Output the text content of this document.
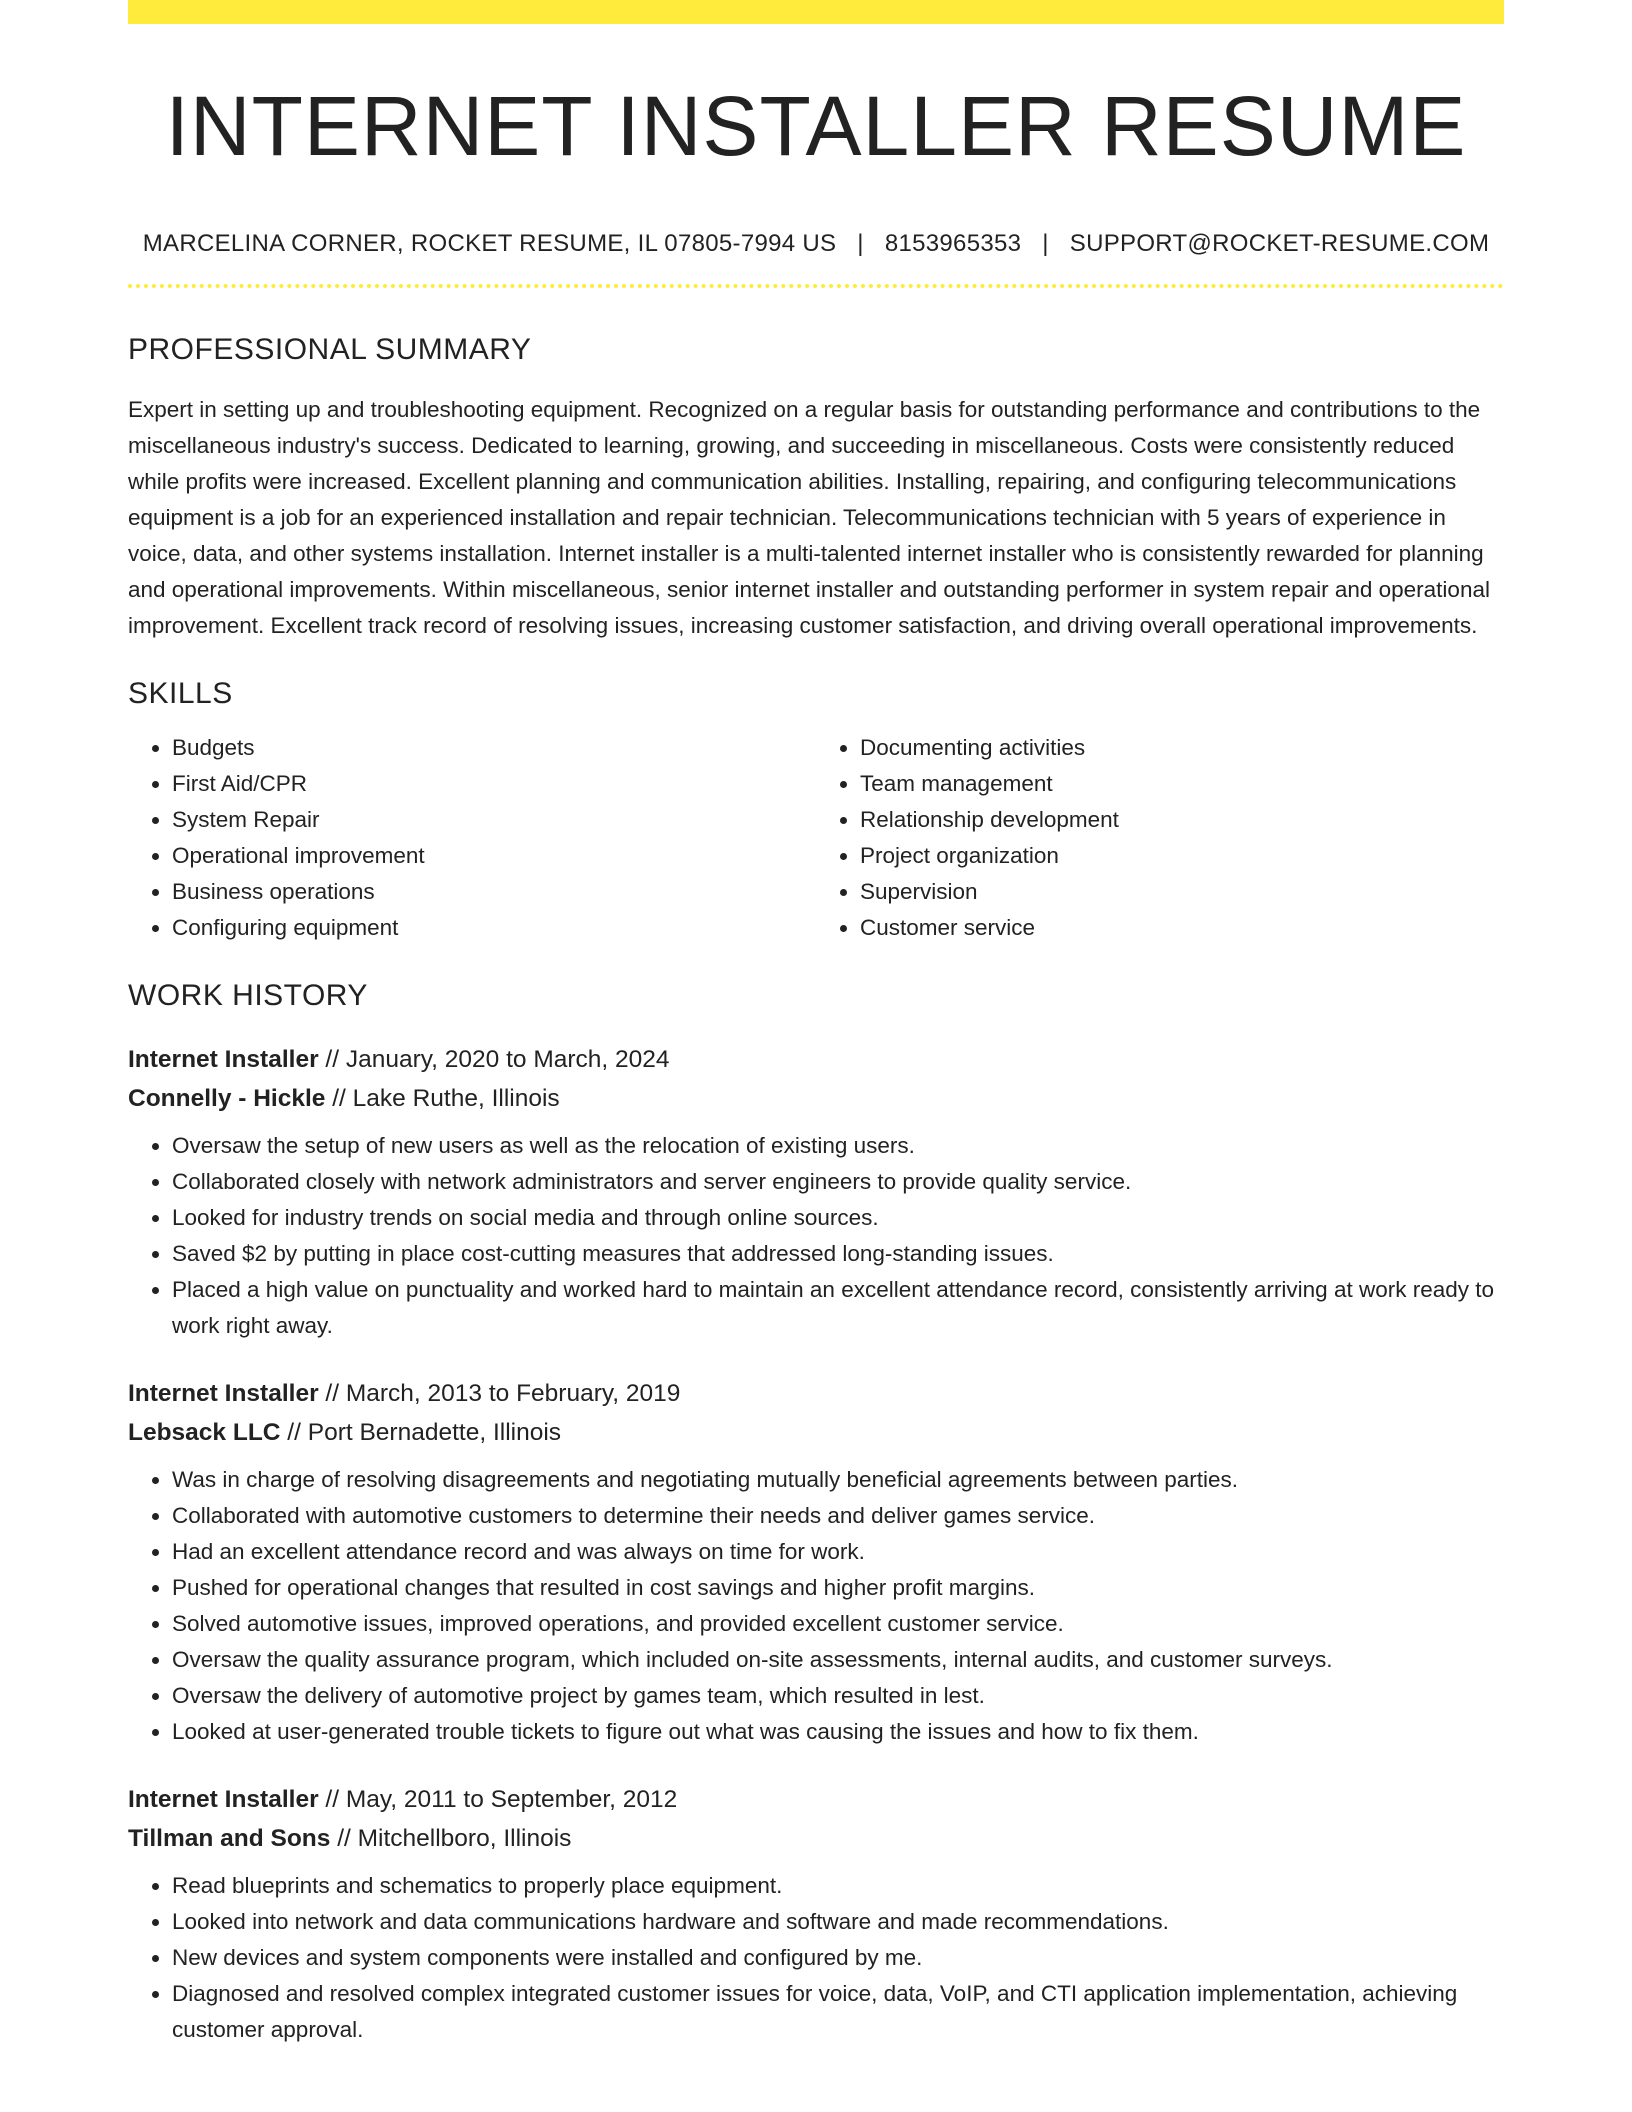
INTERNET INSTALLER RESUME
MARCELINA CORNER, ROCKET RESUME, IL 07805-7994 US | 8153965353 | SUPPORT@ROCKET-RESUME.COM
PROFESSIONAL SUMMARY

Expert in setting up and troubleshooting equipment. Recognized on a regular basis for outstanding performance and contributions to the miscellaneous industry's success. Dedicated to learning, growing, and succeeding in miscellaneous. Costs were consistently reduced while profits were increased. Excellent planning and communication abilities. Installing, repairing, and configuring telecommunications equipment is a job for an experienced installation and repair technician. Telecommunications technician with 5 years of experience in voice, data, and other systems installation. Internet installer is a multi-talented internet installer who is consistently rewarded for planning and operational improvements. Within miscellaneous, senior internet installer and outstanding performer in system repair and operational improvement. Excellent track record of resolving issues, increasing customer satisfaction, and driving overall operational improvements.

SKILLS
• Budgets
• First Aid/CPR
• System Repair
• Operational improvement
• Business operations
• Configuring equipment
• Documenting activities
• Team management
• Relationship development
• Project organization
• Supervision
• Customer service
WORK HISTORY
Internet Installer // January, 2020 to March, 2024
Connelly - Hickle // Lake Ruthe, Illinois
• Oversaw the setup of new users as well as the relocation of existing users.
• Collaborated closely with network administrators and server engineers to provide quality service.
• Looked for industry trends on social media and through online sources.
• Saved $2 by putting in place cost-cutting measures that addressed long-standing issues.
• Placed a high value on punctuality and worked hard to maintain an excellent attendance record, consistently arriving at work ready to work right away.
Internet Installer // March, 2013 to February, 2019
Lebsack LLC // Port Bernadette, Illinois
• Was in charge of resolving disagreements and negotiating mutually beneficial agreements between parties.
• Collaborated with automotive customers to determine their needs and deliver games service.
• Had an excellent attendance record and was always on time for work.
• Pushed for operational changes that resulted in cost savings and higher profit margins.
• Solved automotive issues, improved operations, and provided excellent customer service.
• Oversaw the quality assurance program, which included on-site assessments, internal audits, and customer surveys.
• Oversaw the delivery of automotive project by games team, which resulted in lest.
• Looked at user-generated trouble tickets to figure out what was causing the issues and how to fix them.
Internet Installer // May, 2011 to September, 2012
Tillman and Sons // Mitchellboro, Illinois
• Read blueprints and schematics to properly place equipment.
• Looked into network and data communications hardware and software and made recommendations.
• New devices and system components were installed and configured by me.
• Diagnosed and resolved complex integrated customer issues for voice, data, VoIP, and CTI application implementation, achieving customer approval.
